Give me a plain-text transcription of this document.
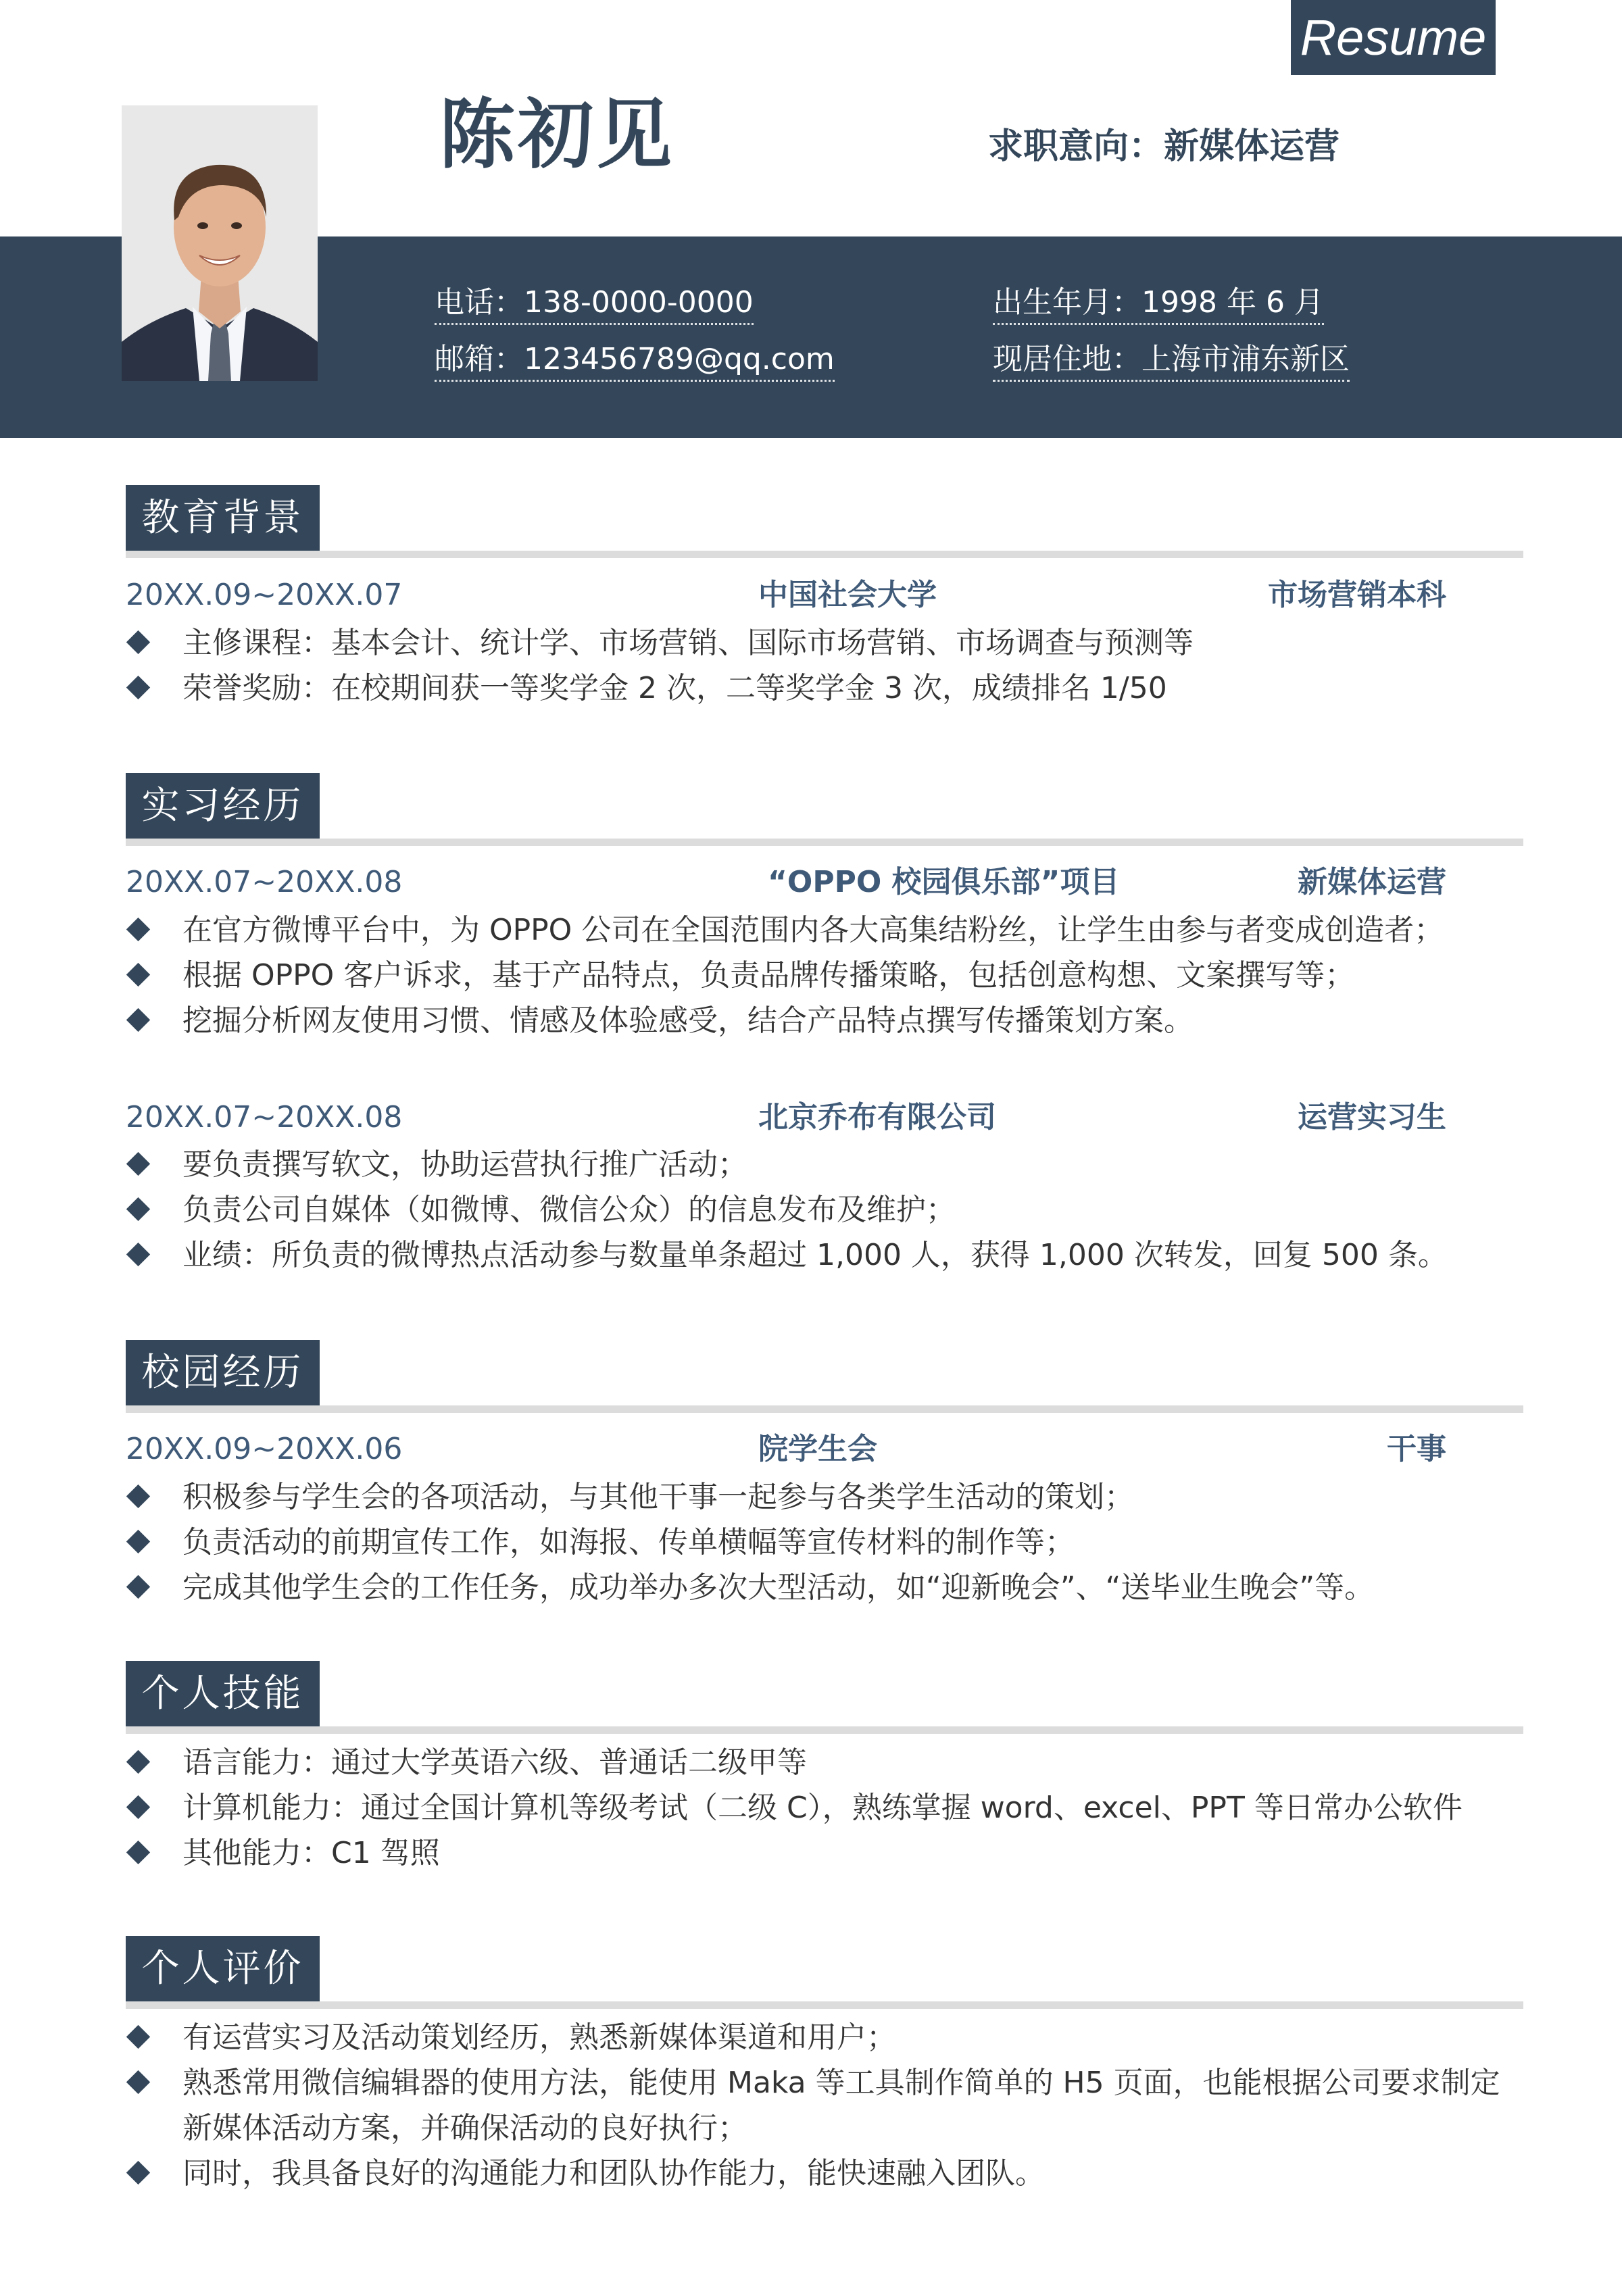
Resume
陈初见	求职意向：新媒体运营
电话：138-0000-0000
邮箱：123456789@qq.com
出生年月：1998 年 6 月
现居住地：上海市浦东新区
教育背景
20XX.09~20XX.07	中国社会大学	市场营销本科
主修课程：基本会计、统计学、市场营销、国际市场营销、市场调查与预测等
荣誉奖励：在校期间获一等奖学金 2 次，二等奖学金 3 次，成绩排名 1/50
实习经历
20XX.07~20XX.08	“OPPO 校园俱乐部”项目	新媒体运营
在官方微博平台中，为 OPPO 公司在全国范围内各大高集结粉丝，让学生由参与者变成创造者；
根据 OPPO 客户诉求，基于产品特点，负责品牌传播策略，包括创意构想、文案撰写等；
挖掘分析网友使用习惯、情感及体验感受，结合产品特点撰写传播策划方案。
20XX.07~20XX.08	北京乔布有限公司	运营实习生
要负责撰写软文，协助运营执行推广活动；
负责公司自媒体（如微博、微信公众）的信息发布及维护；
业绩：所负责的微博热点活动参与数量单条超过 1,000 人，获得 1,000 次转发，回复 500 条。
校园经历
20XX.09~20XX.06	院学生会	干事
积极参与学生会的各项活动，与其他干事一起参与各类学生活动的策划；
负责活动的前期宣传工作，如海报、传单横幅等宣传材料的制作等；
完成其他学生会的工作任务，成功举办多次大型活动，如“迎新晚会”、“送毕业生晚会”等。
个人技能
语言能力：通过大学英语六级、普通话二级甲等
计算机能力：通过全国计算机等级考试（二级 C），熟练掌握 word、excel、PPT 等日常办公软件
其他能力：C1 驾照
个人评价
有运营实习及活动策划经历，熟悉新媒体渠道和用户；
熟悉常用微信编辑器的使用方法，能使用 Maka 等工具制作简单的 H5 页面，也能根据公司要求制定
新媒体活动方案，并确保活动的良好执行；
同时，我具备良好的沟通能力和团队协作能力，能快速融入团队。
